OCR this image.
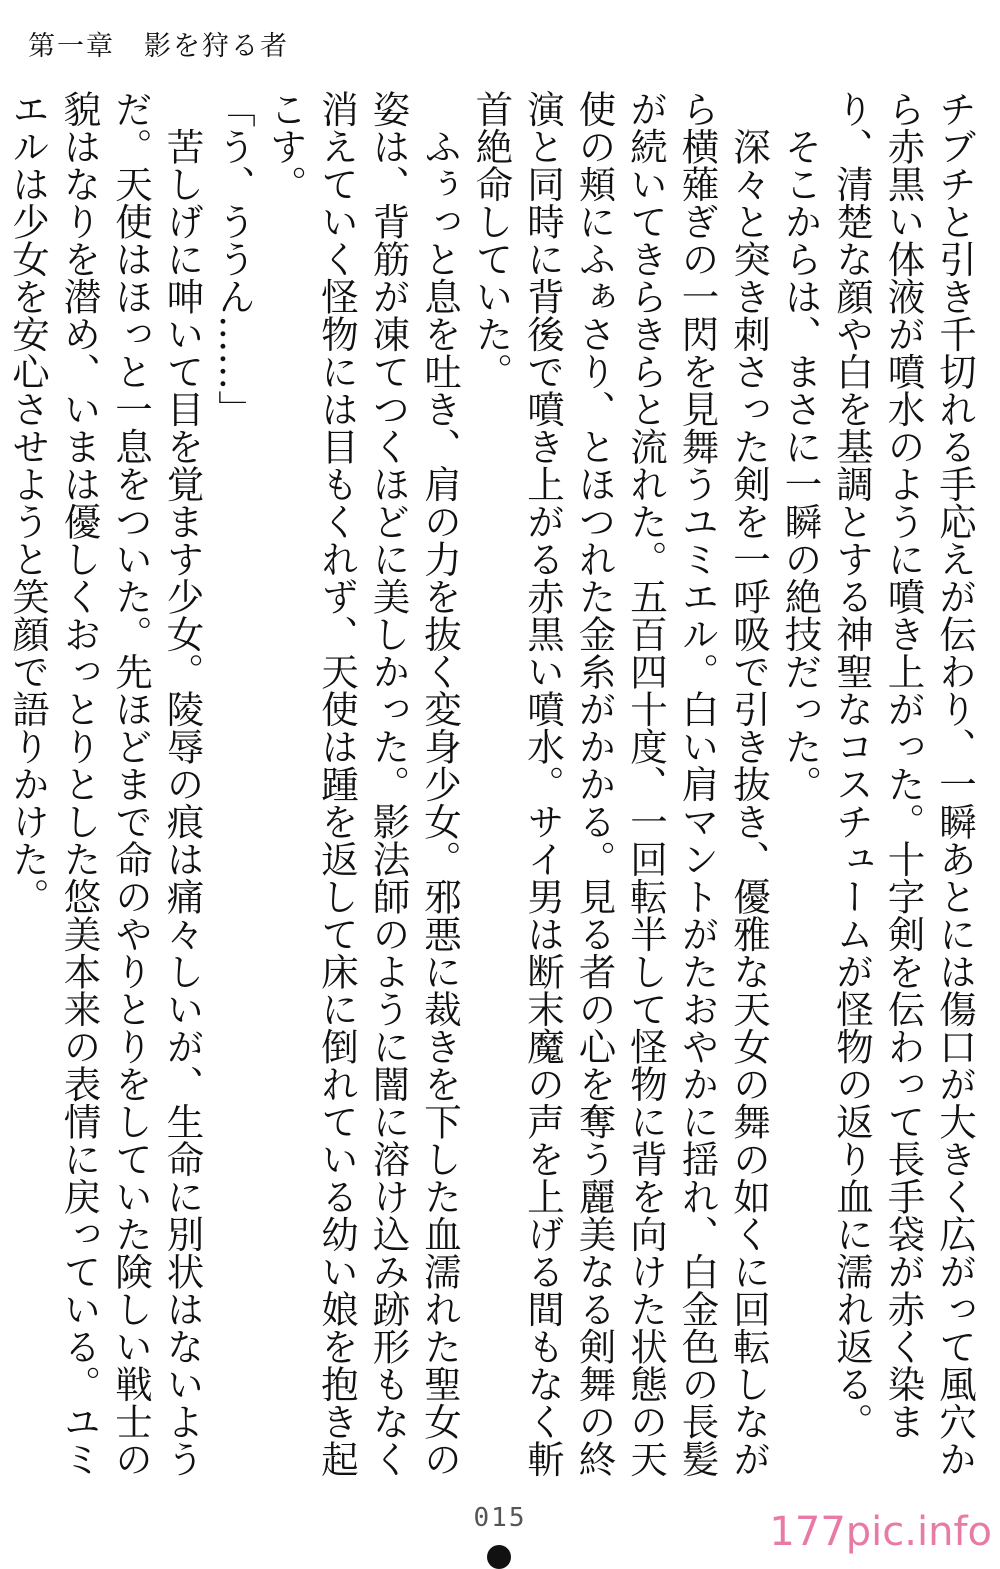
第一章　影を狩る者

チブチと引き千切れる手応えが伝わり、一瞬あとには傷口が大きく広がって風穴から赤黒い体液が噴水のように噴き上がった。十字剣を伝わって長手袋が赤く染まり、清楚な顔や白を基調とする神聖なコスチュームが怪物の返り血に濡れ返る。

　そこからは、まさに一瞬の絶技だった。

　深々と突き刺さった剣を一呼吸で引き抜き、優雅な天女の舞の如くに回転しながら横薙ぎの一閃を見舞うユミエル。白い肩マントがたおやかに揺れ、白金色の長髪が続いてきらきらと流れた。五百四十度、一回転半して怪物に背を向けた状態の天使の頬にふぁさり、とほつれた金糸がかかる。見る者の心を奪う麗美なる剣舞の終演と同時に背後で噴き上がる赤黒い噴水。サイ男は断末魔の声を上げる間もなく斬首絶命していた。

　ふぅっと息を吐き、肩の力を抜く変身少女。邪悪に裁きを下した血濡れた聖女の姿は、背筋が凍てつくほどに美しかった。影法師のように闇に溶け込み跡形もなく消えていく怪物には目もくれず、天使は踵を返して床に倒れている幼い娘を抱き起こす。

「う、ううん……」

　苦しげに呻いて目を覚ます少女。陵辱の痕は痛々しいが、生命に別状はないようだ。天使はほっと一息をついた。先ほどまで命のやりとりをしていた険しい戦士の貌はなりを潜め、いまは優しくおっとりとした悠美本来の表情に戻っている。ユミエルは少女を安心させようと笑顔で語りかけた。

015	177pic.info
